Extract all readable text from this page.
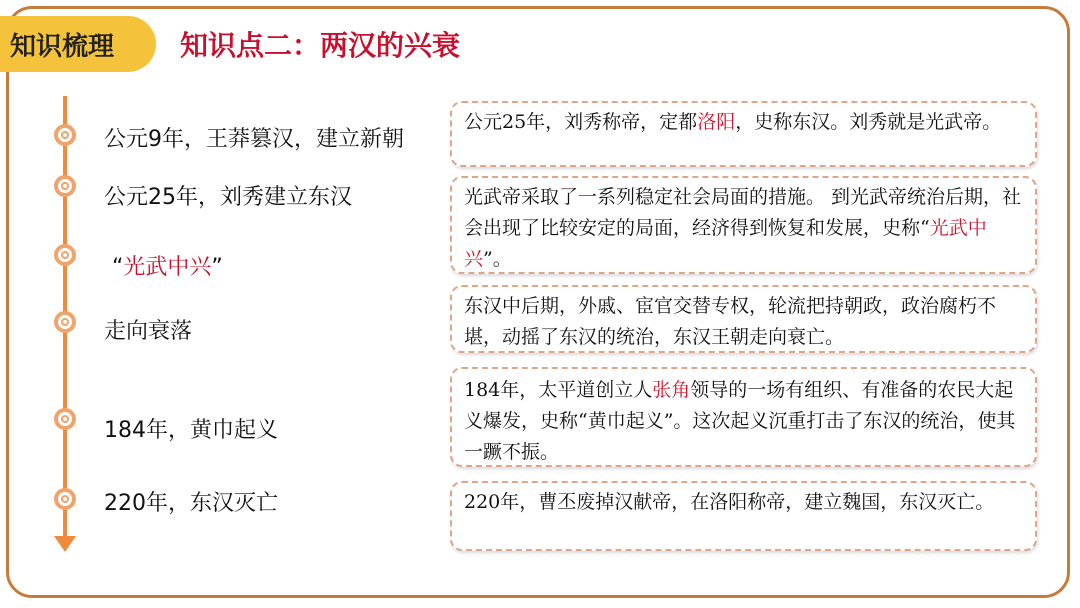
知识梳理	知识点二：两汉的兴衰
公元9年，王莽篡汉，建立新朝
公元25年，刘秀建立东汉
“光武中兴”
走向衰落
184年，黄巾起义
220年，东汉灭亡
公元25年，刘秀称帝，定都洛阳，史称东汉。刘秀就是光武帝。
光武帝采取了一系列稳定社会局面的措施。 到光武帝统治后期，社会出现了比较安定的局面，经济得到恢复和发展，史称“光武中兴”。
东汉中后期，外戚、宦官交替专权，轮流把持朝政，政治腐朽不堪，动摇了东汉的统治，东汉王朝走向衰亡。
184年，太平道创立人张角领导的一场有组织、有准备的农民大起义爆发，史称“黄巾起义”。这次起义沉重打击了东汉的统治，使其一蹶不振。
220年，曹丕废掉汉献帝，在洛阳称帝，建立魏国，东汉灭亡。
